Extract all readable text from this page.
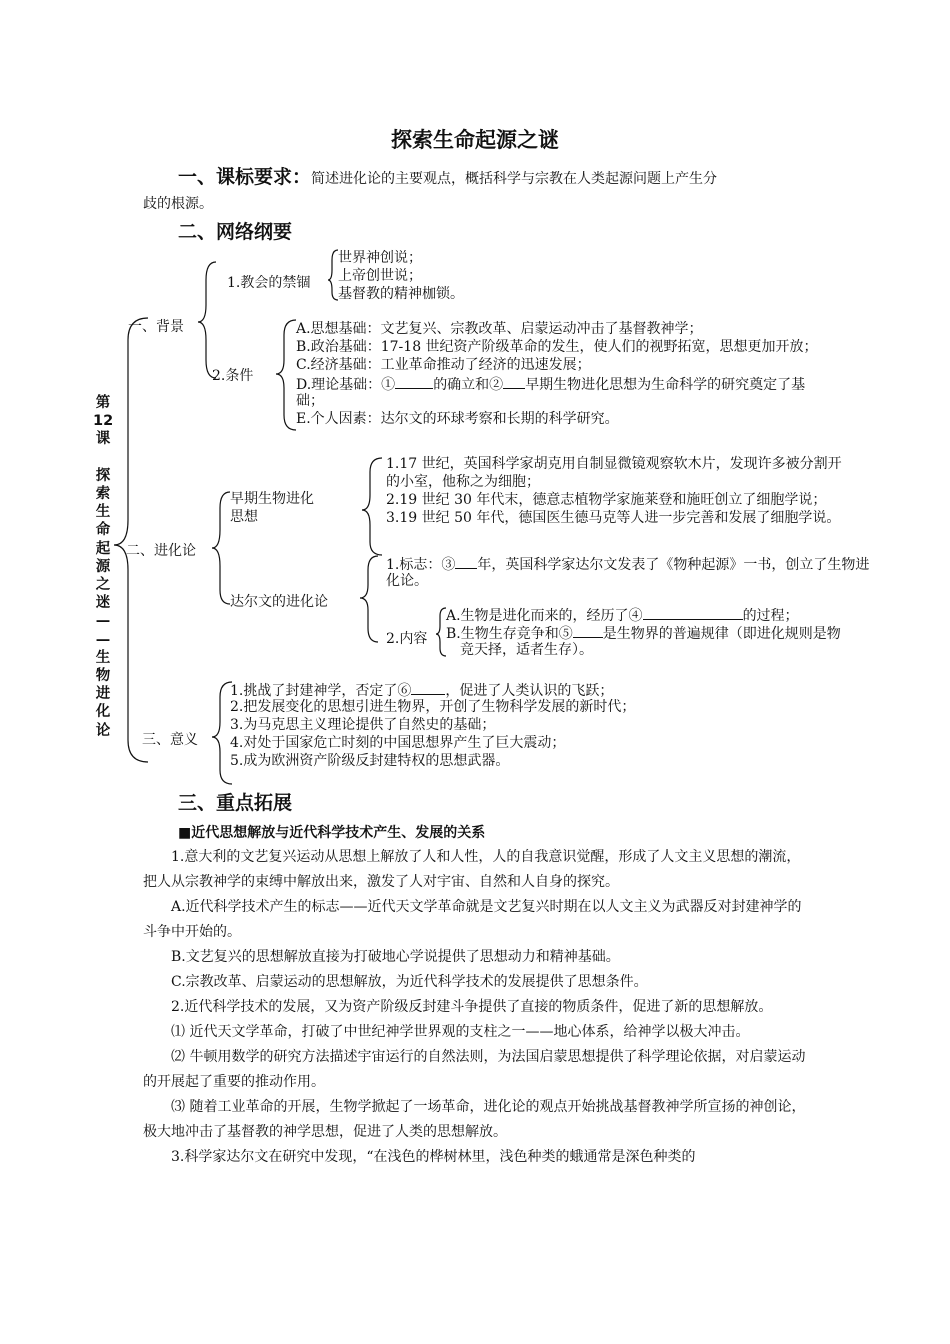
探索生命起源之谜
一、课标要求：简述进化论的主要观点，概括科学与宗教在人类起源问题上产生分
歧的根源。
二、网络纲要
第
12
课

探
索
生
命
起
源
之
迷
—
—
生
物
进
化
论
一、背景
1.教会的禁锢
世界神创说；
上帝创世说；
基督教的精神枷锁。
2.条件
A.思想基础：文艺复兴、宗教改革、启蒙运动冲击了基督教神学；
B.政治基础：17-18 世纪资产阶级革命的发生，使人们的视野拓宽，思想更加开放；
C.经济基础：工业革命推动了经济的迅速发展；
D.理论基础：①	的确立和② 早期生物进化思想为生命科学的研究奠定了基
础；
E.个人因素：达尔文的环球考察和长期的科学研究。
二、进化论
早期生物进化
思想
1.17 世纪，英国科学家胡克用自制显微镜观察软木片，发现许多被分割开
的小室，他称之为细胞；
2.19 世纪 30 年代末，德意志植物学家施莱登和施旺创立了细胞学说；
3.19 世纪 50 年代，德国医生德马克等人进一步完善和发展了细胞学说。
达尔文的进化论
1.标志：③ 年，英国科学家达尔文发表了《物种起源》一书，创立了生物进
化论。
2.内容
A.生物是进化而来的，经历了④	的过程；
B.生物生存竞争和⑤ 是生物界的普遍规律（即进化规则是物
竞天择，适者生存）。
三、意义
1.挑战了封建神学，否定了⑥ ，促进了人类认识的飞跃；
2.把发展变化的思想引进生物界，开创了生物科学发展的新时代；
3.为马克思主义理论提供了自然史的基础；
4.对处于国家危亡时刻的中国思想界产生了巨大震动；
5.成为欧洲资产阶级反封建特权的思想武器。
三、重点拓展
■近代思想解放与近代科学技术产生、发展的关系

1.意大利的文艺复兴运动从思想上解放了人和人性，人的自我意识觉醒，形成了人文主义思想的潮流，把人从宗教神学的束缚中解放出来，激发了人对宇宙、自然和人自身的探究。

A.近代科学技术产生的标志——近代天文学革命就是文艺复兴时期在以人文主义为武器反对封建神学的斗争中开始的。

B.文艺复兴的思想解放直接为打破地心学说提供了思想动力和精神基础。

C.宗教改革、启蒙运动的思想解放，为近代科学技术的发展提供了思想条件。

2.近代科学技术的发展，又为资产阶级反封建斗争提供了直接的物质条件，促进了新的思想解放。

⑴ 近代天文学革命，打破了中世纪神学世界观的支柱之一——地心体系，给神学以极大冲击。

⑵ 牛顿用数学的研究方法描述宇宙运行的自然法则，为法国启蒙思想提供了科学理论依据，对启蒙运动的开展起了重要的推动作用。

⑶ 随着工业革命的开展，生物学掀起了一场革命，进化论的观点开始挑战基督教神学所宣扬的神创论，极大地冲击了基督教的神学思想，促进了人类的思想解放。

3.科学家达尔文在研究中发现，“在浅色的桦树林里，浅色种类的蛾通常是深色种类的
